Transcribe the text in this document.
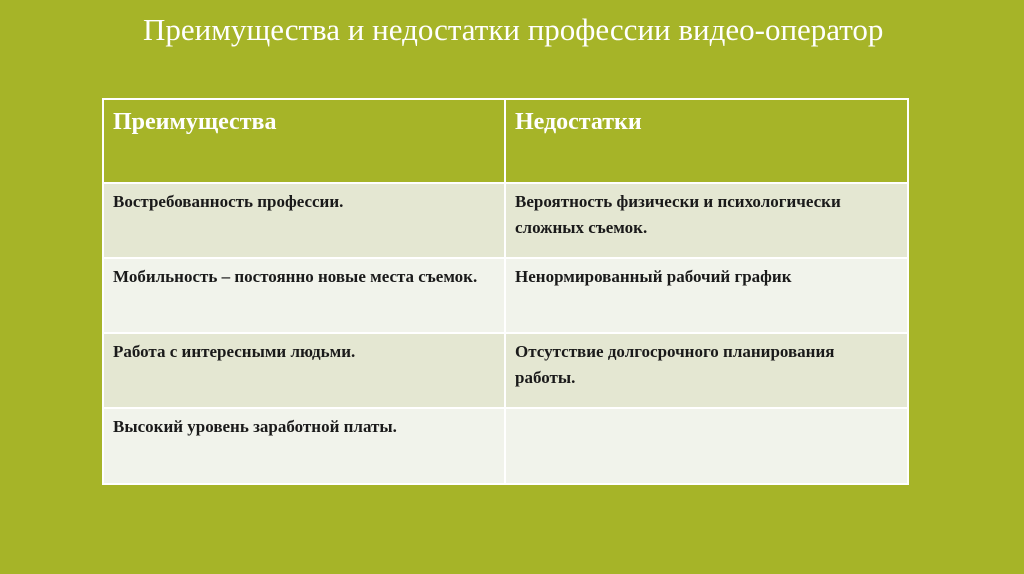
Преимущества и недостатки профессии видео-оператор
Преимущества	Недостатки
Востребованность профессии.	Вероятность физически и психологически сложных съемок.
Мобильность – постоянно новые места съемок.	Ненормированный рабочий график
Работа с интересными людьми.	Отсутствие долгосрочного планирования работы.
Высокий уровень заработной платы.	
